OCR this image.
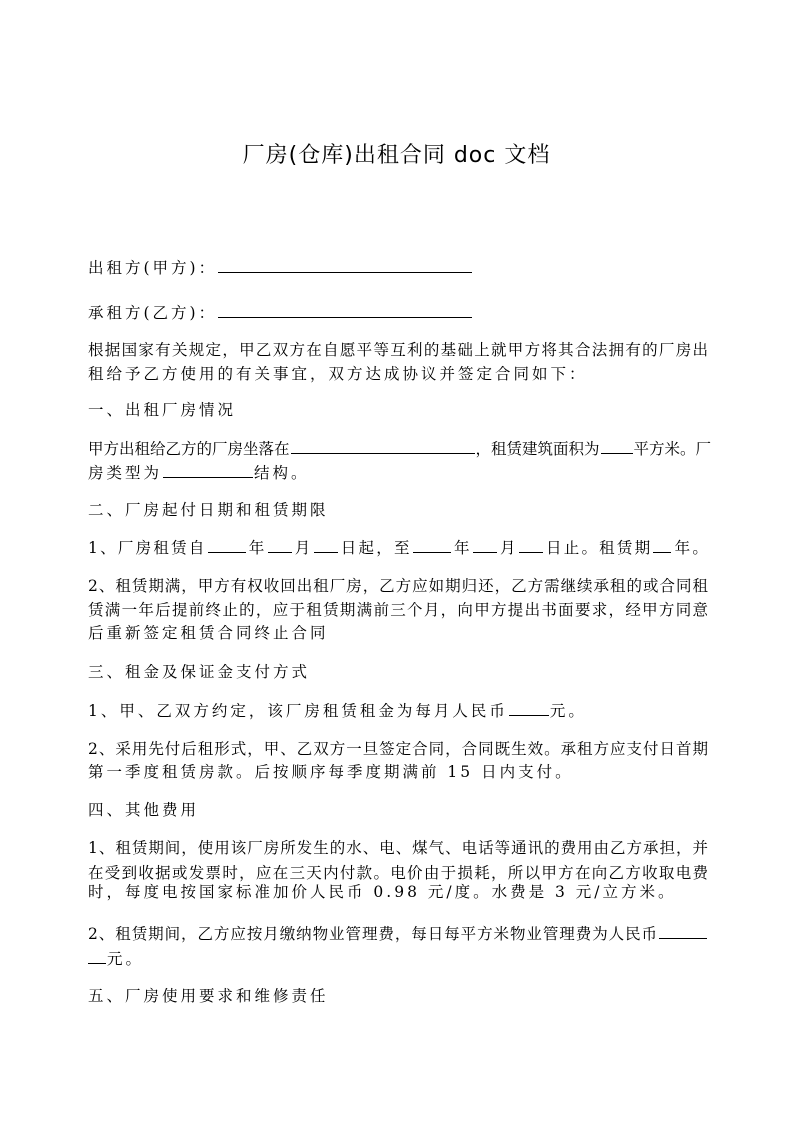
厂房(仓库)出租合同 doc 文档
出租方(甲方)：
承租方(乙方)：
根据国家有关规定，甲乙双方在自愿平等互利的基础上就甲方将其合法拥有的厂房出
租给予乙方使用的有关事宜，双方达成协议并签定合同如下：
一、出租厂房情况
甲方出租给乙方的厂房坐落在	，租赁建筑面积为 平方米。厂
房类型为	结构。
二、厂房起付日期和租赁期限
1、厂房租赁自	年 月 日起，至	年 月 日止。租赁期 年。
2、租赁期满，甲方有权收回出租厂房，乙方应如期归还，乙方需继续承租的或合同租
赁满一年后提前终止的，应于租赁期满前三个月，向甲方提出书面要求，经甲方同意
后重新签定租赁合同终止合同
三、租金及保证金支付方式
1、甲、乙双方约定，该厂房租赁租金为每月人民币	元。
2、采用先付后租形式，甲、乙双方一旦签定合同，合同既生效。承租方应支付日首期
第一季度租赁房款。后按顺序每季度期满前 15 日内支付。
四、其他费用
1、租赁期间，使用该厂房所发生的水、电、煤气、电话等通讯的费用由乙方承担，并
在受到收据或发票时，应在三天内付款。电价由于损耗，所以甲方在向乙方收取电费
时，每度电按国家标准加价人民币 0.98 元/度。水费是 3 元/立方米。
2、租赁期间，乙方应按月缴纳物业管理费，每日每平方米物业管理费为人民币
元。
五、厂房使用要求和维修责任
